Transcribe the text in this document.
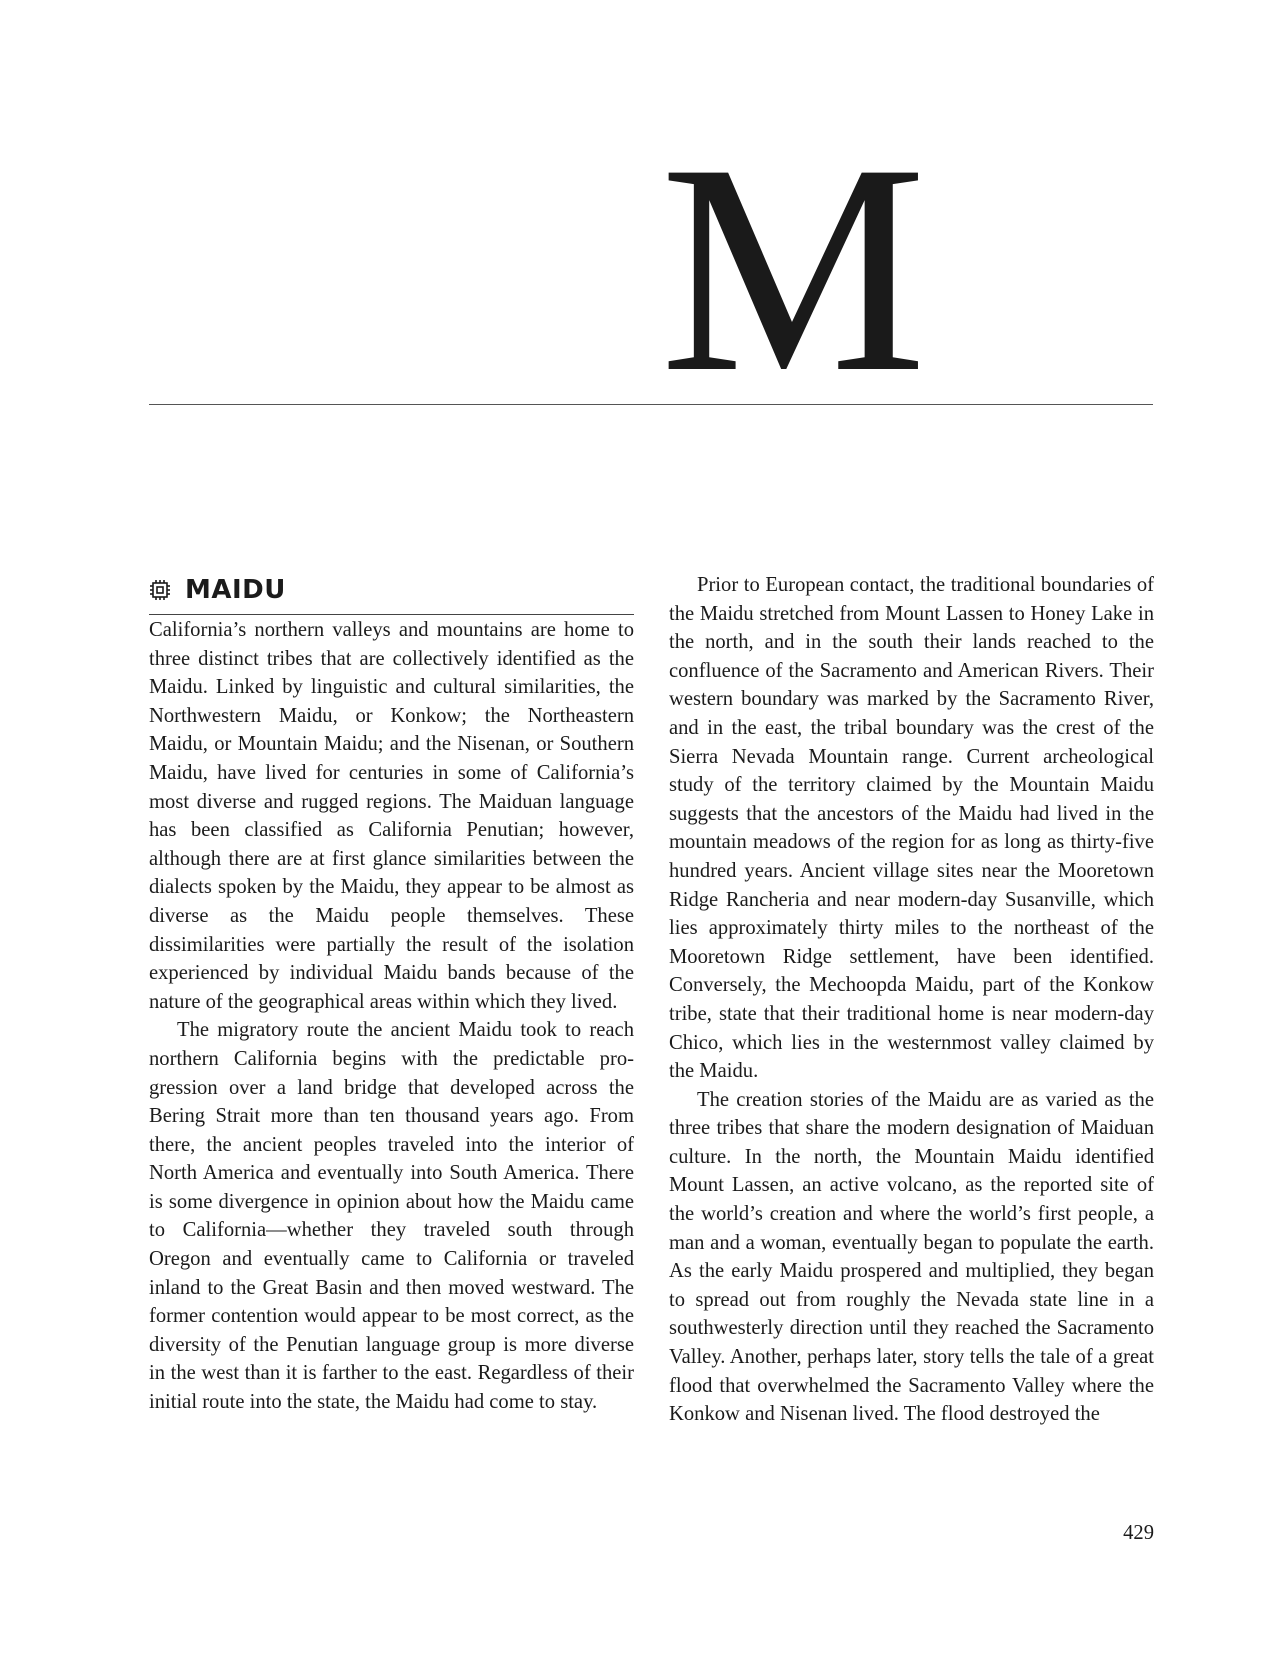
M
MAIDU

California’s northern valleys and mountains are home to three distinct tribes that are collectively identified as the Maidu. Linked by linguistic and cultural similarities, the Northwestern Maidu, or Konkow; the Northeastern Maidu, or Mountain Maidu; and the Nisenan, or Southern Maidu, have lived for centuries in some of California’s most diverse and rugged regions. The Maiduan language has been classified as California Penutian; however, although there are at first glance similarities between the dialects spoken by the Maidu, they appear to be almost as diverse as the Maidu people themselves. These dissimilarities were partially the result of the isolation experienced by individual Maidu bands because of the nature of the geographical areas within which they lived.

The migratory route the ancient Maidu took to reach northern California begins with the predictable progression over a land bridge that developed across the Bering Strait more than ten thousand years ago. From there, the ancient peoples traveled into the interior of North America and eventually into South America. There is some divergence in opinion about how the Maidu came to California—whether they traveled south through Oregon and eventually came to California or traveled inland to the Great Basin and then moved westward. The former contention would appear to be most correct, as the diversity of the Penutian language group is more diverse in the west than it is farther to the east. Regardless of their initial route into the state, the Maidu had come to stay.

Prior to European contact, the traditional boundaries of the Maidu stretched from Mount Lassen to Honey Lake in the north, and in the south their lands reached to the confluence of the Sacramento and American Rivers. Their western boundary was marked by the Sacramento River, and in the east, the tribal boundary was the crest of the Sierra Nevada Mountain range. Current archeological study of the territory claimed by the Mountain Maidu suggests that the ancestors of the Maidu had lived in the mountain meadows of the region for as long as thirty-five hundred years. Ancient village sites near the Mooretown Ridge Rancheria and near modern-day Susanville, which lies approximately thirty miles to the northeast of the Mooretown Ridge settlement, have been identified. Conversely, the Mechoopda Maidu, part of the Konkow tribe, state that their traditional home is near modern-day Chico, which lies in the westernmost valley claimed by the Maidu.

The creation stories of the Maidu are as varied as the three tribes that share the modern designation of Maiduan culture. In the north, the Mountain Maidu identified Mount Lassen, an active volcano, as the reported site of the world’s creation and where the world’s first people, a man and a woman, eventually began to populate the earth. As the early Maidu prospered and multiplied, they began to spread out from roughly the Nevada state line in a southwesterly direction until they reached the Sacramento Valley. Another, perhaps later, story tells the tale of a great flood that overwhelmed the Sacramento Valley where the Konkow and Nisenan lived. The flood destroyed the

429
